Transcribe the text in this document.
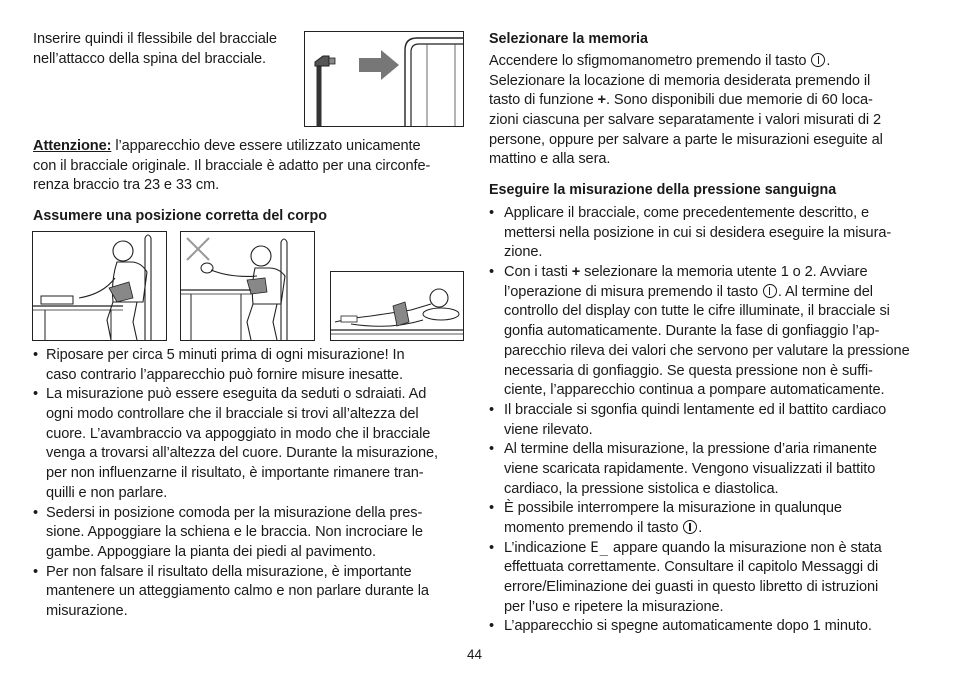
Inserire quindi il flessibile del bracciale
nell’attacco della spina del bracciale.
Attenzione: l’apparecchio deve essere utilizzato unicamente
con il bracciale originale. Il bracciale è adatto per una circonfe-
renza braccio tra 23 e 33 cm.
Assumere una posizione corretta del corpo
• Riposare per circa 5 minuti prima di ogni misurazione! In
caso contrario l’apparecchio può fornire misure inesatte.
• La misurazione può essere eseguita da seduti o sdraiati. Ad
ogni modo controllare che il bracciale si trovi all’altezza del
cuore. L’avambraccio va appoggiato in modo che il bracciale
venga a trovarsi all’altezza del cuore. Durante la misurazione,
per non influenzarne il risultato, è importante rimanere tran-
quilli e non parlare.
• Sedersi in posizione comoda per la misurazione della pres-
sione. Appoggiare la schiena e le braccia. Non incrociare le
gambe. Appoggiare la pianta dei piedi al pavimento.
• Per non falsare il risultato della misurazione, è importante
mantenere un atteggiamento calmo e non parlare durante la
misurazione.
Selezionare la memoria
Accendere lo sfigmomanometro premendo il tasto .
Selezionare la locazione di memoria desiderata premendo il
tasto di funzione +. Sono disponibili due memorie di 60 loca-
zioni ciascuna per salvare separatamente i valori misurati di 2
persone, oppure per salvare a parte le misurazioni eseguite al
mattino e alla sera.
Eseguire la misurazione della pressione sanguigna
• Applicare il bracciale, come precedentemente descritto, e
mettersi nella posizione in cui si desidera eseguire la misura-
zione.
• Con i tasti + selezionare la memoria utente 1 o 2. Avviare
l’operazione di misura premendo il tasto . Al termine del
controllo del display con tutte le cifre illuminate, il bracciale si
gonfia automaticamente. Durante la fase di gonfiaggio l’ap-
parecchio rileva dei valori che servono per valutare la pressione
necessaria di gonfiaggio. Se questa pressione non è suffi-
ciente, l’apparecchio continua a pompare automaticamente.
• Il bracciale si sgonfia quindi lentamente ed il battito cardiaco
viene rilevato.
• Al termine della misurazione, la pressione d’aria rimanente
viene scaricata rapidamente. Vengono visualizzati il battito
cardiaco, la pressione sistolica e diastolica.
• È possibile interrompere la misurazione in qualunque
momento premendo il tasto .
• L’indicazione E_ appare quando la misurazione non è stata
effettuata correttamente. Consultare il capitolo Messaggi di
errore/Eliminazione dei guasti in questo libretto di istruzioni
per l’uso e ripetere la misurazione.
• L’apparecchio si spegne automaticamente dopo 1 minuto.
44
